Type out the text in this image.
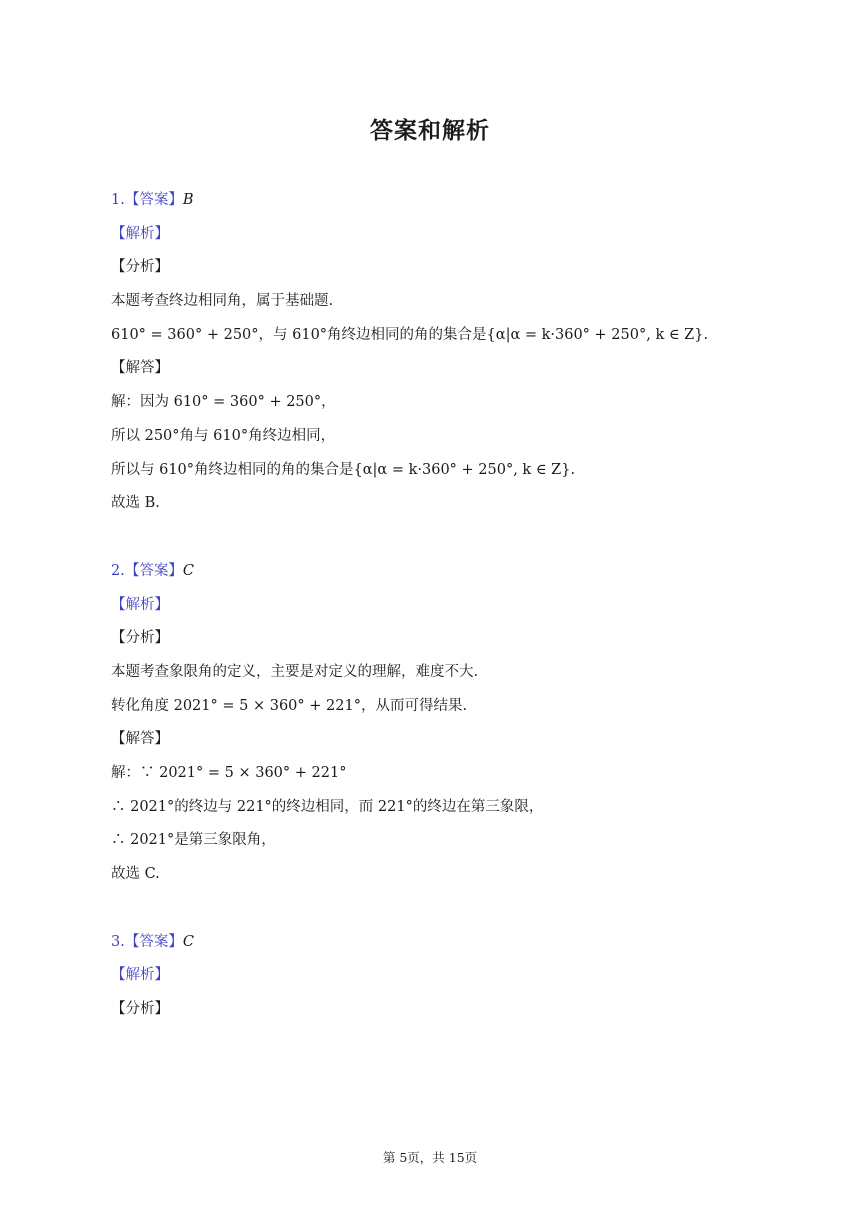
答案和解析
1.【答案】B
【解析】
【分析】
本题考查终边相同角，属于基础题.
610° = 360° + 250°，与 610°角终边相同的角的集合是{α|α = k·360° + 250°, k ∈ Z}.
【解答】
解：因为 610° = 360° + 250°，
所以 250°角与 610°角终边相同，
所以与 610°角终边相同的角的集合是{α|α = k·360° + 250°, k ∈ Z}.
故选 B.
2.【答案】C
【解析】
【分析】
本题考查象限角的定义，主要是对定义的理解，难度不大.
转化角度 2021° = 5 × 360° + 221°，从而可得结果.
【解答】
解：∵ 2021° = 5 × 360° + 221°
∴ 2021°的终边与 221°的终边相同，而 221°的终边在第三象限，
∴ 2021°是第三象限角，
故选 C.
3.【答案】C
【解析】
【分析】
第 5页，共 15页
